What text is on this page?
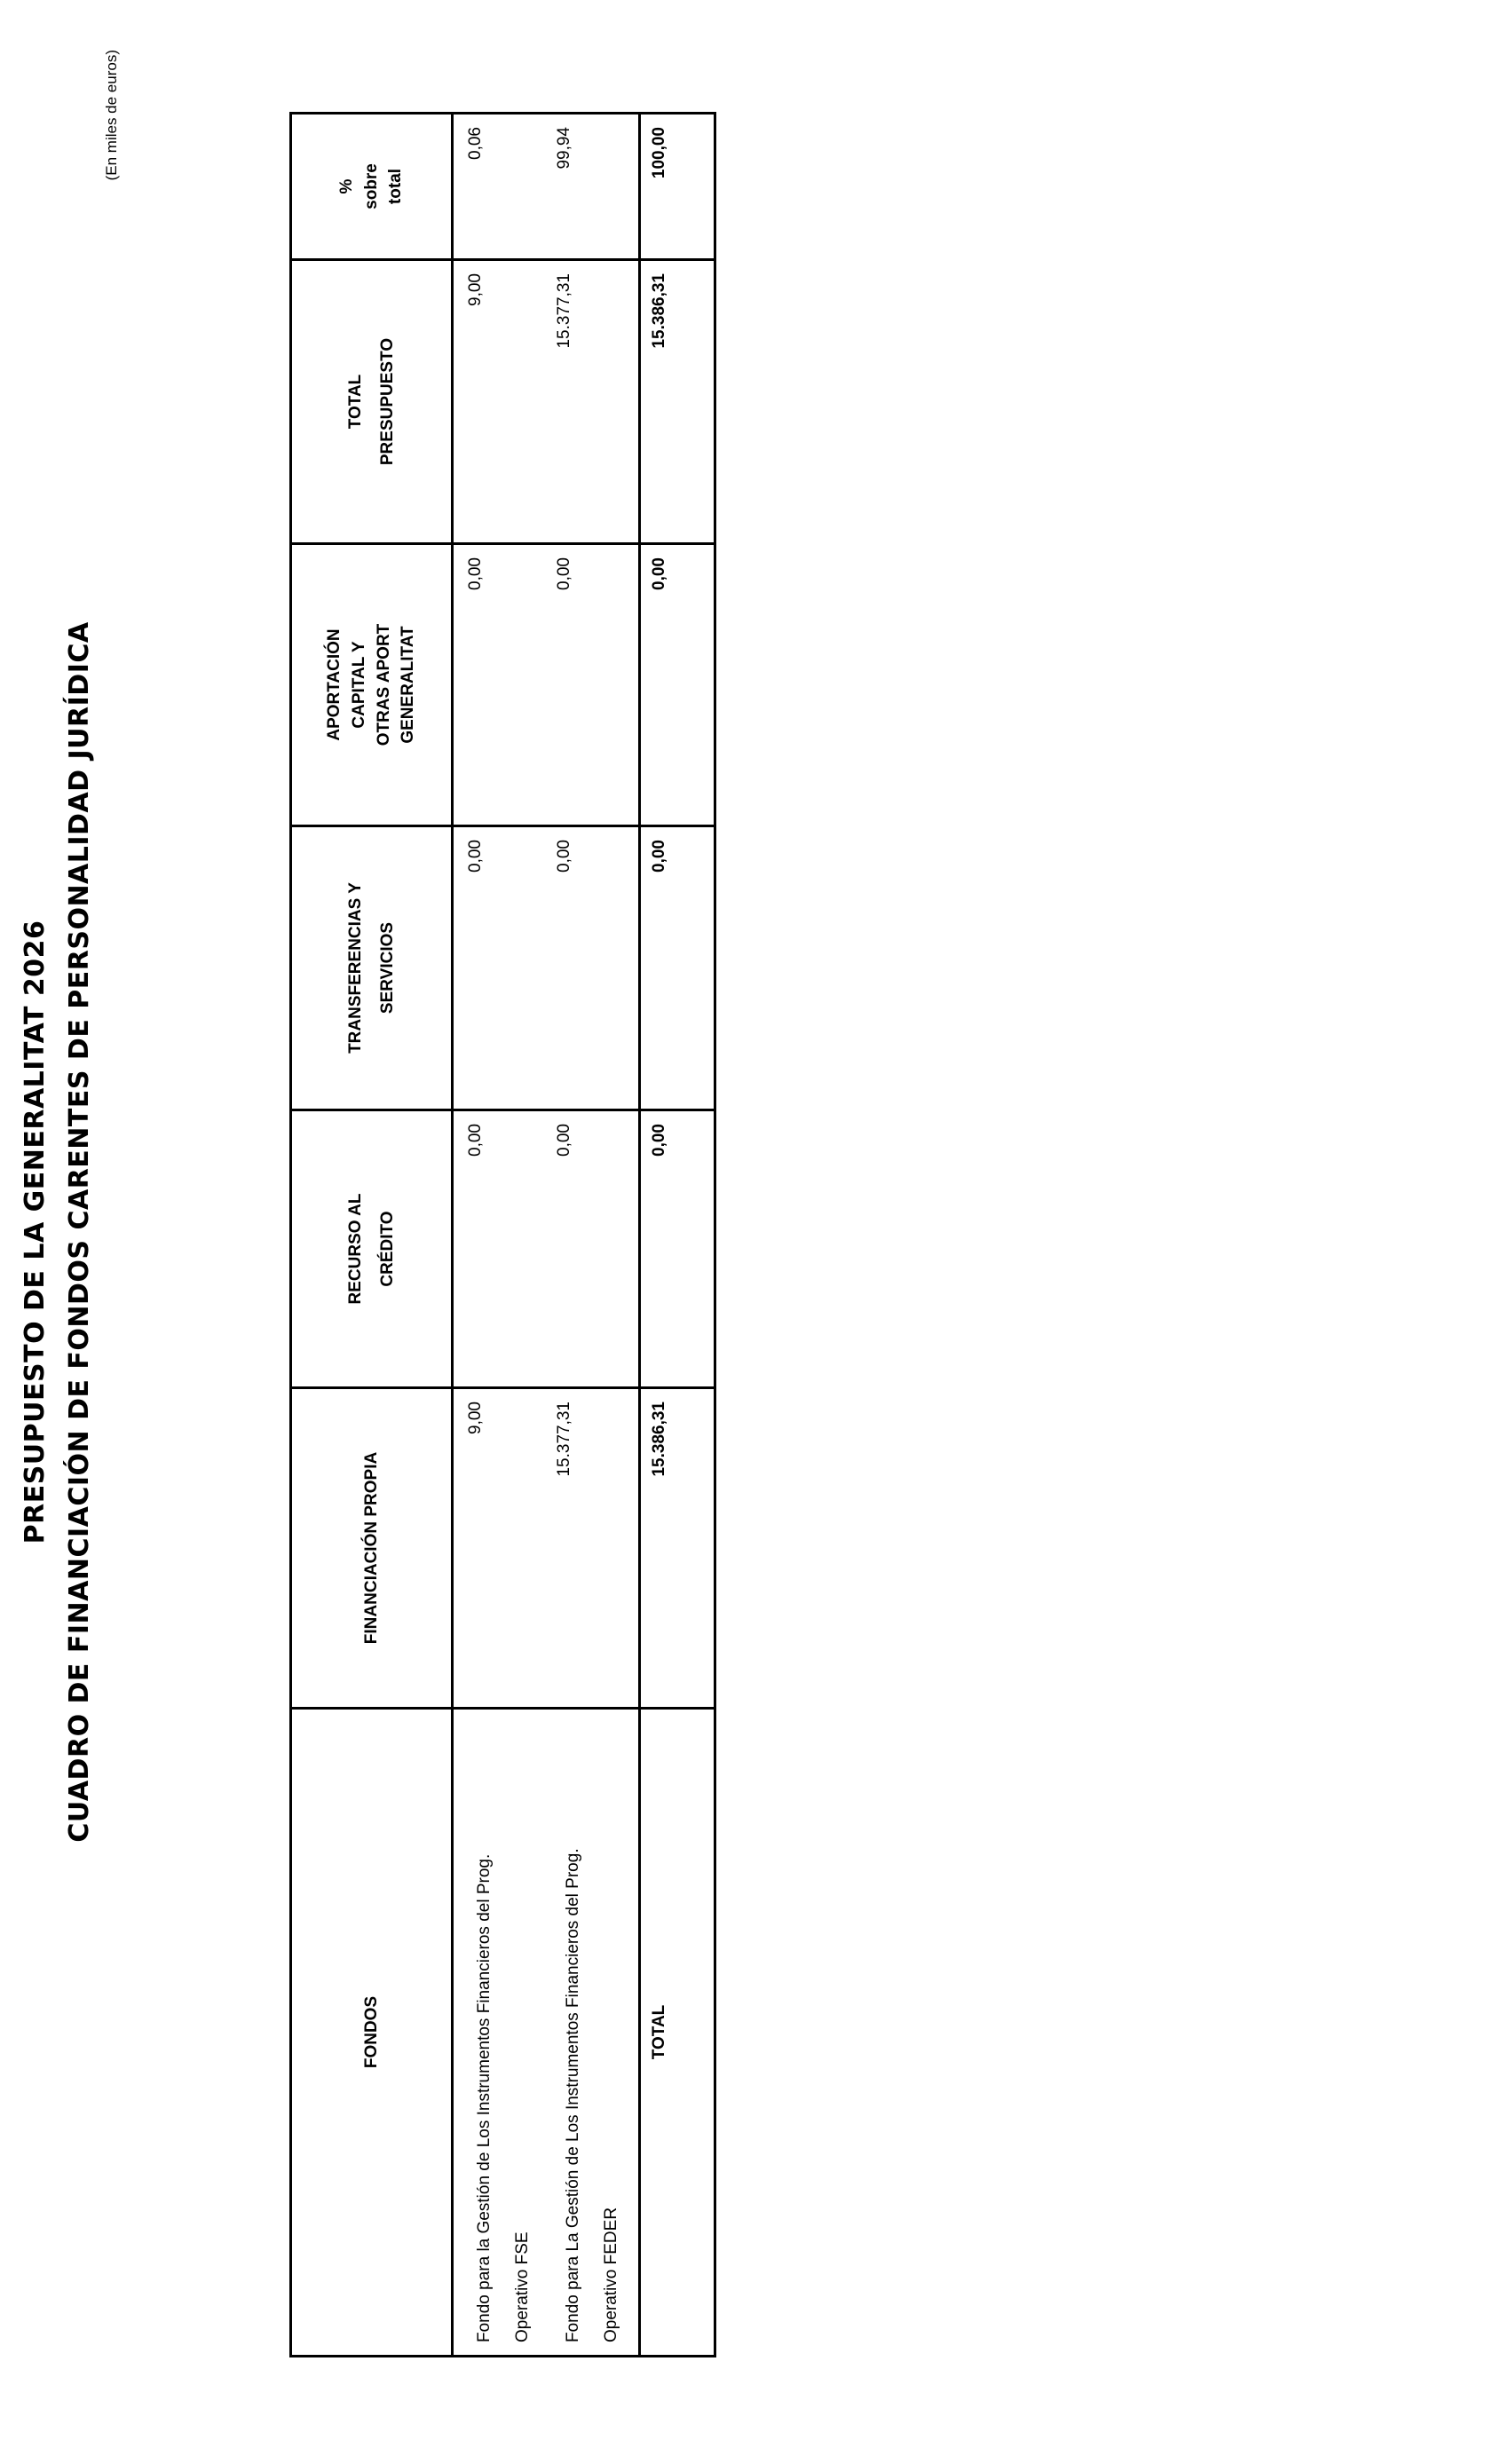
PRESUPUESTO DE LA GENERALITAT 2026 CUADRO DE FINANCIACIÓN DE FONDOS CARENTES DE PERSONALIDAD JURÍDICA
(En miles de euros)
FONDOS	FINANCIACIÓN PROPIA	RECURSO AL CRÉDITO	TRANSFERENCIAS Y SERVICIOS	APORTACIÓN CAPITAL Y OTRAS APORT GENERALITAT	TOTAL PRESUPUESTO	% sobre total
Fondo para la Gestión de Los Instrumentos Financieros del Prog. Operativo FSE	9,00	0,00	0,00	0,00	9,00	0,06
Fondo para La Gestión de Los Instrumentos Financieros del Prog. Operativo FEDER	15.377,31	0,00	0,00	0,00	15.377,31	99,94
TOTAL	15.386,31	0,00	0,00	0,00	15.386,31	100,00
